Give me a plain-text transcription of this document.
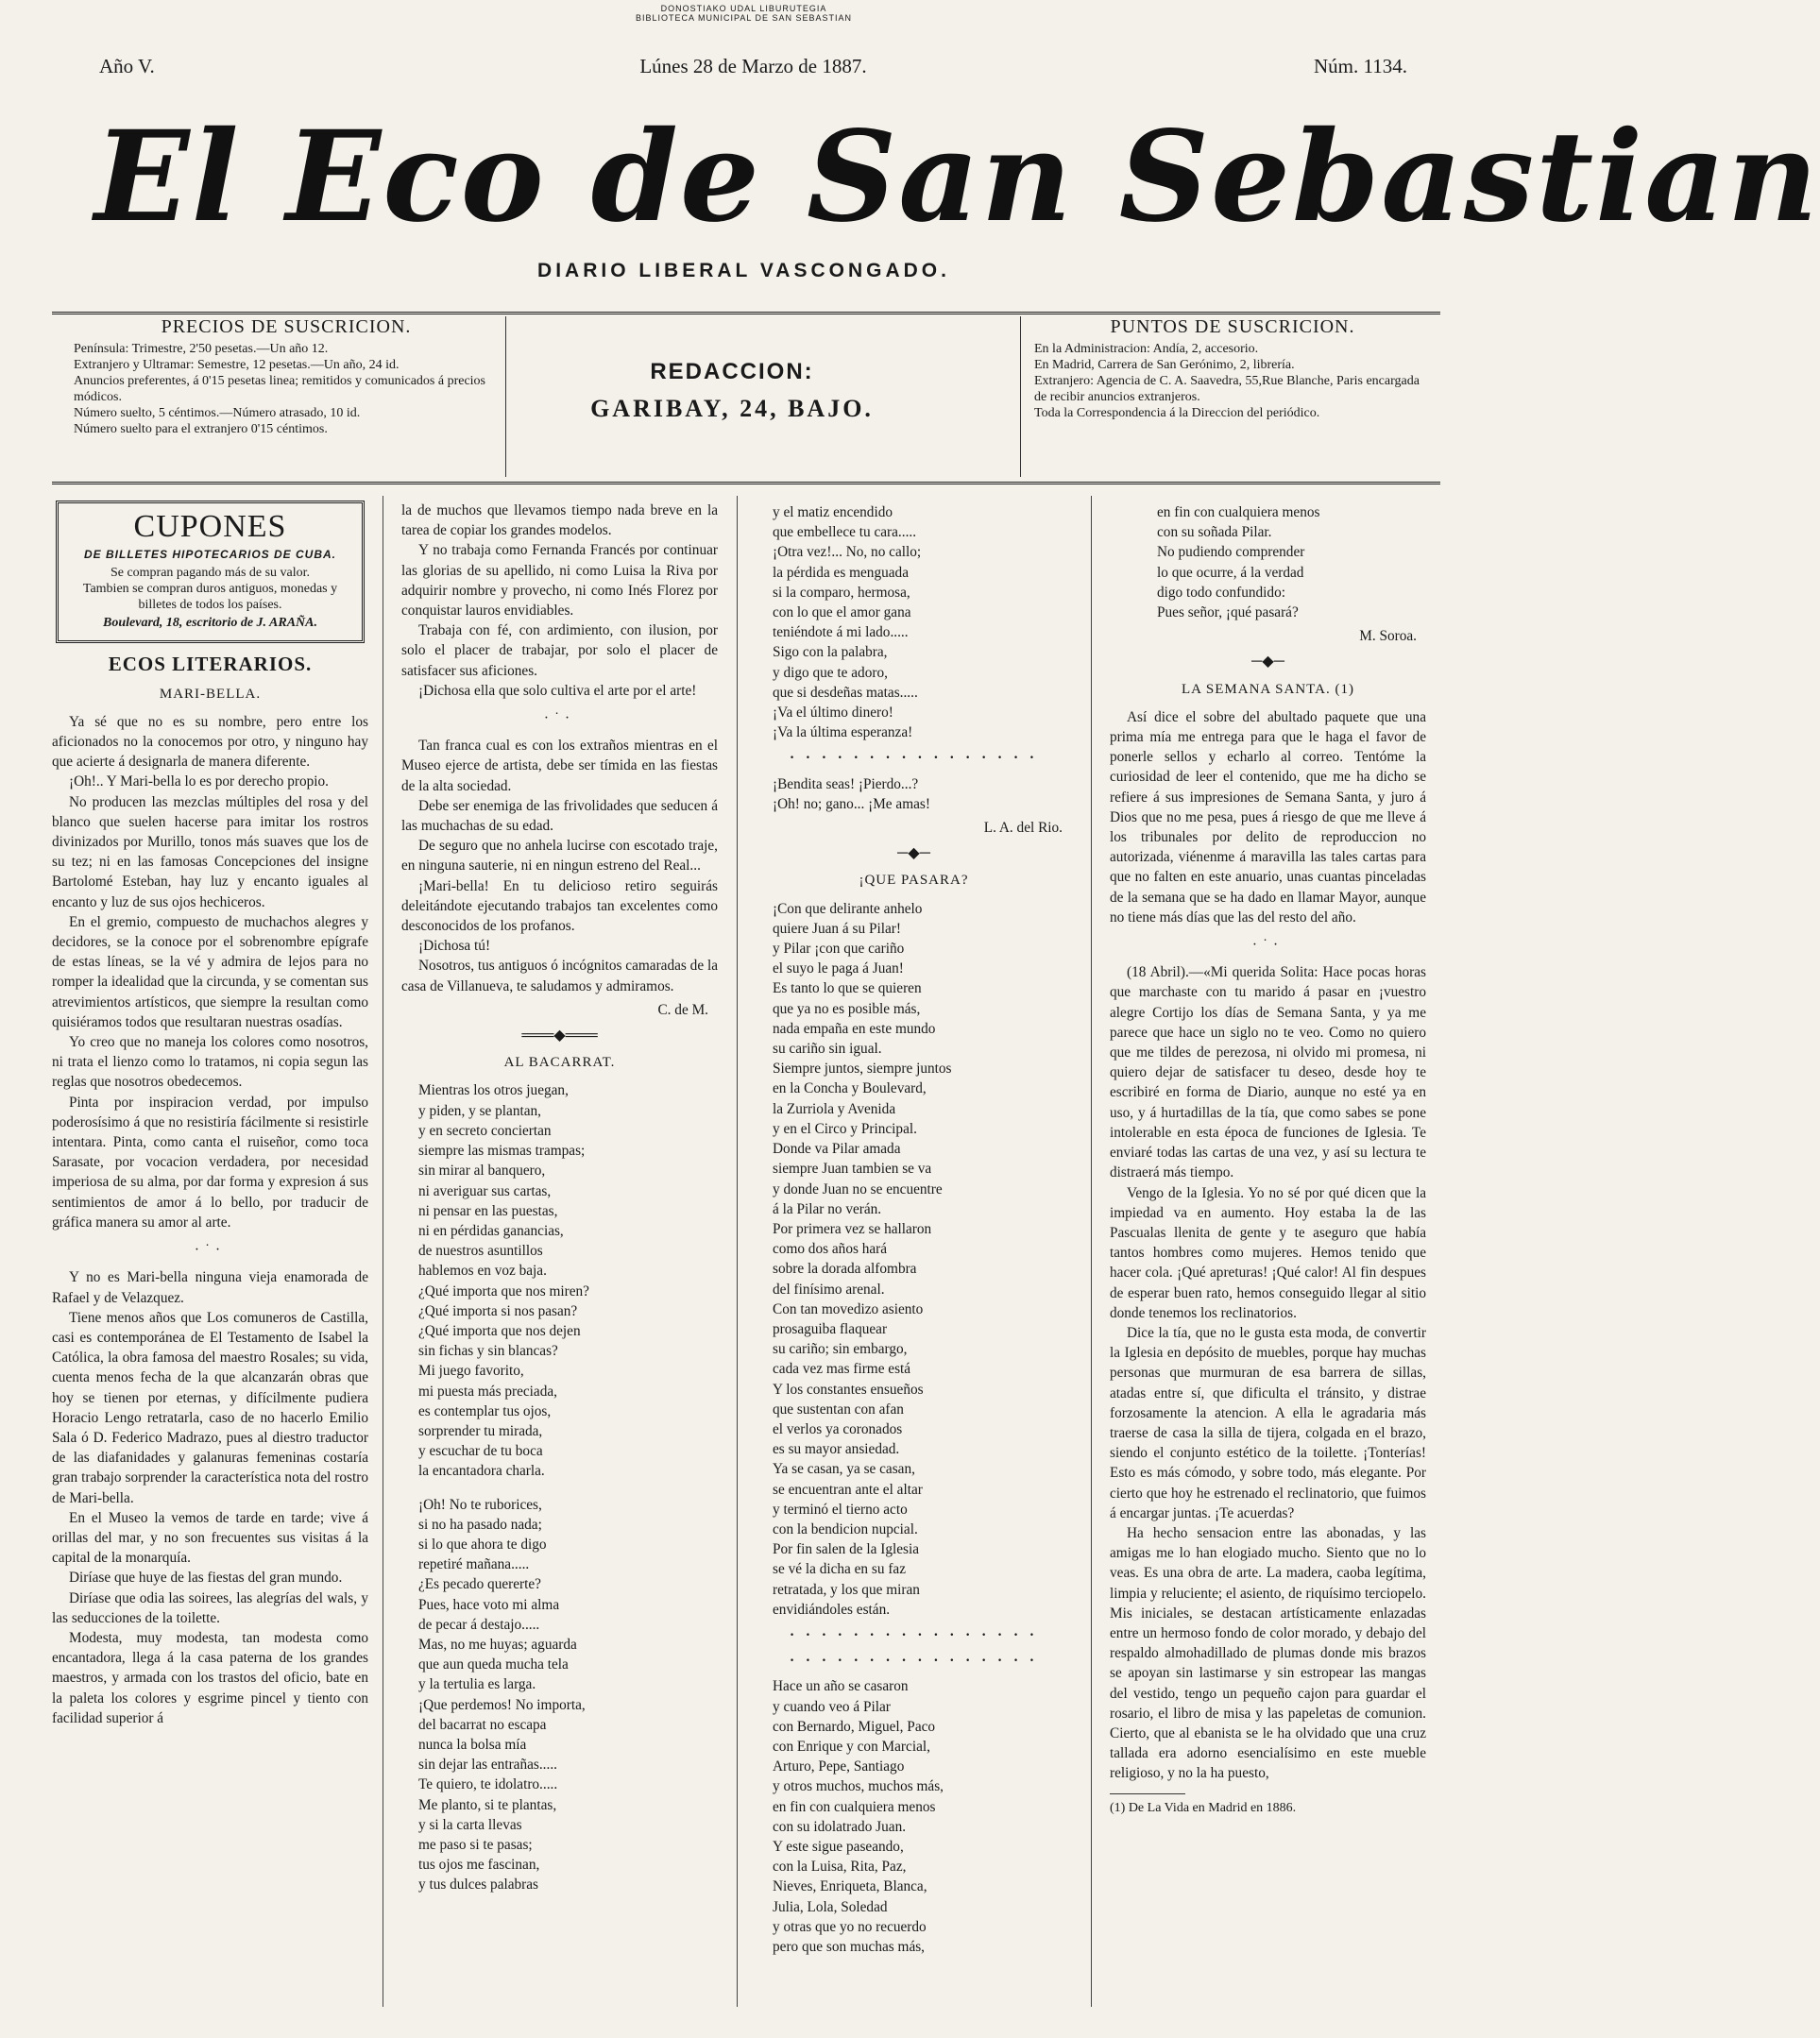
DONOSTIAKO UDAL LIBURUTEGIA
BIBLIOTECA MUNICIPAL DE SAN SEBASTIAN
Año V.	Lúnes 28 de Marzo de 1887.	Núm. 1134.
El Eco de San Sebastian
DIARIO LIBERAL VASCONGADO.
PRECIOS DE SUSCRICION.

Península: Trimestre, 2'50 pesetas.—Un año 12.

Extranjero y Ultramar: Semestre, 12 pesetas.—Un año, 24 id.

Anuncios preferentes, á 0'15 pesetas linea; remitidos y comunicados á precios módicos.

Número suelto, 5 céntimos.—Número atrasado, 10 id.

Número suelto para el extranjero 0'15 céntimos.

REDACCION:
GARIBAY, 24, BAJO.
PUNTOS DE SUSCRICION.

En la Administracion: Andía, 2, accesorio.

En Madrid, Carrera de San Gerónimo, 2, librería.

Extranjero: Agencia de C. A. Saavedra, 55,Rue Blanche, Paris encargada de recibir anuncios extranjeros.

Toda la Correspondencia á la Direccion del periódico.

CUPONES
DE BILLETES HIPOTECARIOS DE CUBA.
Se compran pagando más de su valor.
Tambien se compran duros antiguos, monedas y billetes de todos los países.
Boulevard, 18, escritorio de J. ARAÑA.
ECOS LITERARIOS.
MARI-BELLA.

Ya sé que no es su nombre, pero entre los aficionados no la conocemos por otro, y ninguno hay que acierte á designarla de manera diferente.

¡Oh!.. Y Mari-bella lo es por derecho propio.

No producen las mezclas múltiples del rosa y del blanco que suelen hacerse para imitar los rostros divinizados por Murillo, tonos más suaves que los de su tez; ni en las famosas Concepciones del insigne Bartolomé Esteban, hay luz y encanto iguales al encanto y luz de sus ojos hechiceros.

En el gremio, compuesto de muchachos alegres y decidores, se la conoce por el sobrenombre epígrafe de estas líneas, se la vé y admira de lejos para no romper la idealidad que la circunda, y se comentan sus atrevimientos artísticos, que siempre la resultan como quisiéramos todos que resultaran nuestras osadías.

Yo creo que no maneja los colores como nosotros, ni trata el lienzo como lo tratamos, ni copia segun las reglas que nosotros obedecemos.

Pinta por inspiracion verdad, por impulso poderosísimo á que no resistiría fácilmente si resistirle intentara. Pinta, como canta el ruiseñor, como toca Sarasate, por vocacion verdadera, por necesidad imperiosa de su alma, por dar forma y expresion á sus sentimientos de amor á lo bello, por traducir de gráfica manera su amor al arte.

·˙·

Y no es Mari-bella ninguna vieja enamorada de Rafael y de Velazquez.

Tiene menos años que Los comuneros de Castilla, casi es contemporánea de El Testamento de Isabel la Católica, la obra famosa del maestro Rosales; su vida, cuenta menos fecha de la que alcanzarán obras que hoy se tienen por eternas, y difícilmente pudiera Horacio Lengo retratarla, caso de no hacerlo Emilio Sala ó D. Federico Madrazo, pues al diestro traductor de las diafanidades y galanuras femeninas costaría gran trabajo sorprender la característica nota del rostro de Mari-bella.

En el Museo la vemos de tarde en tarde; vive á orillas del mar, y no son frecuentes sus visitas á la capital de la monarquía.

Diríase que huye de las fiestas del gran mundo.

Diríase que odia las soirees, las alegrías del wals, y las seducciones de la toilette.

Modesta, muy modesta, tan modesta como encantadora, llega á la casa paterna de los grandes maestros, y armada con los trastos del oficio, bate en la paleta los colores y esgrime pincel y tiento con facilidad superior á

la de muchos que llevamos tiempo nada breve en la tarea de copiar los grandes modelos.

Y no trabaja como Fernanda Francés por continuar las glorias de su apellido, ni como Luisa la Riva por adquirir nombre y provecho, ni como Inés Florez por conquistar lauros envidiables.

Trabaja con fé, con ardimiento, con ilusion, por solo el placer de trabajar, por solo el placer de satisfacer sus aficiones.

¡Dichosa ella que solo cultiva el arte por el arte!

·˙·

Tan franca cual es con los extraños mientras en el Museo ejerce de artista, debe ser tímida en las fiestas de la alta sociedad.

Debe ser enemiga de las frivolidades que seducen á las muchachas de su edad.

De seguro que no anhela lucirse con escotado traje, en ninguna sauterie, ni en ningun estreno del Real...

¡Mari-bella! En tu delicioso retiro seguirás deleitándote ejecutando trabajos tan excelentes como desconocidos de los profanos.

¡Dichosa tú!

Nosotros, tus antiguos ó incógnitos camaradas de la casa de Villanueva, te saludamos y admiramos.

C. de M.

═══◆═══

AL BACARRAT.

Mientras los otros juegan,

y piden, y se plantan,

y en secreto conciertan

siempre las mismas trampas;

sin mirar al banquero,

ni averiguar sus cartas,

ni pensar en las puestas,

ni en pérdidas ganancias,

de nuestros asuntillos

hablemos en voz baja.

¿Qué importa que nos miren?

¿Qué importa si nos pasan?

¿Qué importa que nos dejen

sin fichas y sin blancas?

Mi juego favorito,

mi puesta más preciada,

es contemplar tus ojos,

sorprender tu mirada,

y escuchar de tu boca

la encantadora charla.

¡Oh! No te ruborices,

si no ha pasado nada;

si lo que ahora te digo

repetiré mañana.....

¿Es pecado quererte?

Pues, hace voto mi alma

de pecar á destajo.....

Mas, no me huyas; aguarda

que aun queda mucha tela

y la tertulia es larga.

¡Que perdemos! No importa,

del bacarrat no escapa

nunca la bolsa mía

sin dejar las entrañas.....

Te quiero, te idolatro.....

Me planto, si te plantas,

y si la carta llevas

me paso si te pasas;

tus ojos me fascinan,

y tus dulces palabras

y el matiz encendido

que embellece tu cara.....

¡Otra vez!... No, no callo;

la pérdida es menguada

si la comparo, hermosa,

con lo que el amor gana

teniéndote á mi lado.....

Sigo con la palabra,

y digo que te adoro,

que si desdeñas matas.....

¡Va el último dinero!

¡Va la última esperanza!

· · · · · · · · · · · · · · · ·

¡Bendita seas! ¡Pierdo...?

¡Oh! no; gano... ¡Me amas!

L. A. del Rio.

─◆─

¡QUE PASARA?

¡Con que delirante anhelo

quiere Juan á su Pilar!

y Pilar ¡con que cariño

el suyo le paga á Juan!

Es tanto lo que se quieren

que ya no es posible más,

nada empaña en este mundo

su cariño sin igual.

Siempre juntos, siempre juntos

en la Concha y Boulevard,

la Zurriola y Avenida

y en el Circo y Principal.

Donde va Pilar amada

siempre Juan tambien se va

y donde Juan no se encuentre

á la Pilar no verán.

Por primera vez se hallaron

como dos años hará

sobre la dorada alfombra

del finísimo arenal.

Con tan movedizo asiento

prosaguiba flaquear

su cariño; sin embargo,

cada vez mas firme está

Y los constantes ensueños

que sustentan con afan

el verlos ya coronados

es su mayor ansiedad.

Ya se casan, ya se casan,

se encuentran ante el altar

y terminó el tierno acto

con la bendicion nupcial.

Por fin salen de la Iglesia

se vé la dicha en su faz

retratada, y los que miran

envidiándoles están.

· · · · · · · · · · · · · · · ·

· · · · · · · · · · · · · · · ·

Hace un año se casaron

y cuando veo á Pilar

con Bernardo, Miguel, Paco

con Enrique y con Marcial,

Arturo, Pepe, Santiago

y otros muchos, muchos más,

en fin con cualquiera menos

con su idolatrado Juan.

Y este sigue paseando,

con la Luisa, Rita, Paz,

Nieves, Enriqueta, Blanca,

Julia, Lola, Soledad

y otras que yo no recuerdo

pero que son muchas más,

en fin con cualquiera menos

con su soñada Pilar.

No pudiendo comprender

lo que ocurre, á la verdad

digo todo confundido:

Pues señor, ¡qué pasará?

M. Soroa.

─◆─

LA SEMANA SANTA. (1)

Así dice el sobre del abultado paquete que una prima mía me entrega para que le haga el favor de ponerle sellos y echarlo al correo. Tentóme la curiosidad de leer el contenido, que me ha dicho se refiere á sus impresiones de Semana Santa, y juro á Dios que no me pesa, pues á riesgo de que me lleve á los tribunales por delito de reproduccion no autorizada, viénenme á maravilla las tales cartas para que no falten en este anuario, unas cuantas pinceladas de la semana que se ha dado en llamar Mayor, aunque no tiene más días que las del resto del año.

·˙·

(18 Abril).—«Mi querida Solita: Hace pocas horas que marchaste con tu marido á pasar en ¡vuestro alegre Cortijo los días de Semana Santa, y ya me parece que hace un siglo no te veo. Como no quiero que me tildes de perezosa, ni olvido mi promesa, ni quiero dejar de satisfacer tu deseo, desde hoy te escribiré en forma de Diario, aunque no esté ya en uso, y á hurtadillas de la tía, que como sabes se pone intolerable en esta época de funciones de Iglesia. Te enviaré todas las cartas de una vez, y así su lectura te distraerá más tiempo.

Vengo de la Iglesia. Yo no sé por qué dicen que la impiedad va en aumento. Hoy estaba la de las Pascualas llenita de gente y te aseguro que había tantos hombres como mujeres. Hemos tenido que hacer cola. ¡Qué apreturas! ¡Qué calor! Al fin despues de esperar buen rato, hemos conseguido llegar al sitio donde tenemos los reclinatorios.

Dice la tía, que no le gusta esta moda, de convertir la Iglesia en depósito de muebles, porque hay muchas personas que murmuran de esa barrera de sillas, atadas entre sí, que dificulta el tránsito, y distrae forzosamente la atencion. A ella le agradaria más traerse de casa la silla de tijera, colgada en el brazo, siendo el conjunto estético de la toilette. ¡Tonterías! Esto es más cómodo, y sobre todo, más elegante. Por cierto que hoy he estrenado el reclinatorio, que fuimos á encargar juntas. ¡Te acuerdas?

Ha hecho sensacion entre las abonadas, y las amigas me lo han elogiado mucho. Siento que no lo veas. Es una obra de arte. La madera, caoba legítima, limpia y reluciente; el asiento, de riquísimo terciopelo. Mis iniciales, se destacan artísticamente enlazadas entre un hermoso fondo de color morado, y debajo del respaldo almohadillado de plumas donde mis brazos se apoyan sin lastimarse y sin estropear las mangas del vestido, tengo un pequeño cajon para guardar el rosario, el libro de misa y las papeletas de comunion. Cierto, que al ebanista se le ha olvidado que una cruz tallada era adorno esencialísimo en este mueble religioso, y no la ha puesto,

(1) De La Vida en Madrid en 1886.
